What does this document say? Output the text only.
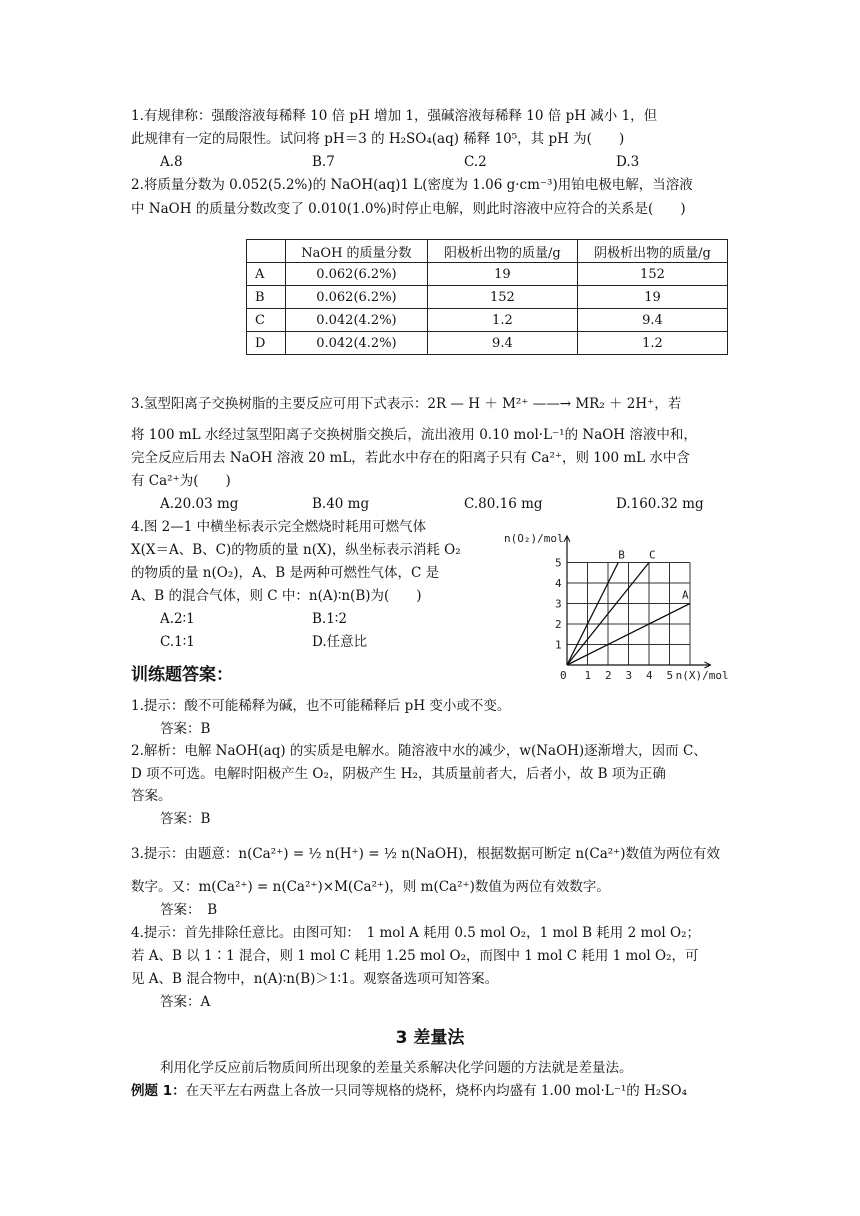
1.有规律称：强酸溶液每稀释 10 倍 pH 增加 1，强碱溶液每稀释 10 倍 pH 减小 1，但
此规律有一定的局限性。试问将 pH＝3 的 H₂SO₄(aq) 稀释 10⁵，其 pH 为(　　)
A.8	B.7	C.2	D.3
2.将质量分数为 0.052(5.2%)的 NaOH(aq)1 L(密度为 1.06 g·cm⁻³)用铂电极电解，当溶液
中 NaOH 的质量分数改变了 0.010(1.0%)时停止电解，则此时溶液中应符合的关系是(　　)
	NaOH 的质量分数	阳极析出物的质量/g	阴极析出物的质量/g
A	0.062(6.2%)	19	152
B	0.062(6.2%)	152	19
C	0.042(4.2%)	1.2	9.4
D	0.042(4.2%)	9.4	1.2
3.氢型阳离子交换树脂的主要反应可用下式表示：2R — H ＋ M²⁺ ——→ MR₂ ＋ 2H⁺，若
将 100 mL 水经过氢型阳离子交换树脂交换后，流出液用 0.10 mol·L⁻¹的 NaOH 溶液中和，
完全反应后用去 NaOH 溶液 20 mL，若此水中存在的阳离子只有 Ca²⁺，则 100 mL 水中含
有 Ca²⁺为(　　)
A.20.03 mg	B.40 mg	C.80.16 mg	D.160.32 mg
4.图 2—1 中横坐标表示完全燃烧时耗用可燃气体
X(X＝A、B、C)的物质的量 n(X)，纵坐标表示消耗 O₂
的物质的量 n(O₂)，A、B 是两种可燃性气体，C 是
A、B 的混合气体，则 C 中：n(A)∶n(B)为(　　)
A.2∶1	B.1∶2
C.1∶1	D.任意比
B C
A
0 1 2 3 4 5
1
2
3
4
5
n(X)/mol
n(O₂)/mol
训练题答案：
1.提示：酸不可能稀释为碱，也不可能稀释后 pH 变小或不变。
答案：B
2.解析：电解 NaOH(aq) 的实质是电解水。随溶液中水的减少，w(NaOH)逐渐增大，因而 C、
D 项不可选。电解时阳极产生 O₂，阴极产生 H₂，其质量前者大，后者小，故 B 项为正确
答案。
答案：B
3.提示：由题意：n(Ca²⁺) = ½ n(H⁺) = ½ n(NaOH)，根据数据可断定 n(Ca²⁺)数值为两位有效
数字。又：m(Ca²⁺) = n(Ca²⁺)×M(Ca²⁺)，则 m(Ca²⁺)数值为两位有效数字。
答案：　B
4.提示：首先排除任意比。由图可知：　1 mol A 耗用 0.5 mol O₂，1 mol B 耗用 2 mol O₂；
若 A、B 以 1∶1 混合，则 1 mol C 耗用 1.25 mol O₂，而图中 1 mol C 耗用 1 mol O₂，可
见 A、B 混合物中，n(A)∶n(B)＞1∶1。观察备选项可知答案。
答案：A
3 差量法
利用化学反应前后物质间所出现象的差量关系解决化学问题的方法就是差量法。
例题 1：在天平左右两盘上各放一只同等规格的烧杯，烧杯内均盛有 1.00 mol·L⁻¹的 H₂SO₄
